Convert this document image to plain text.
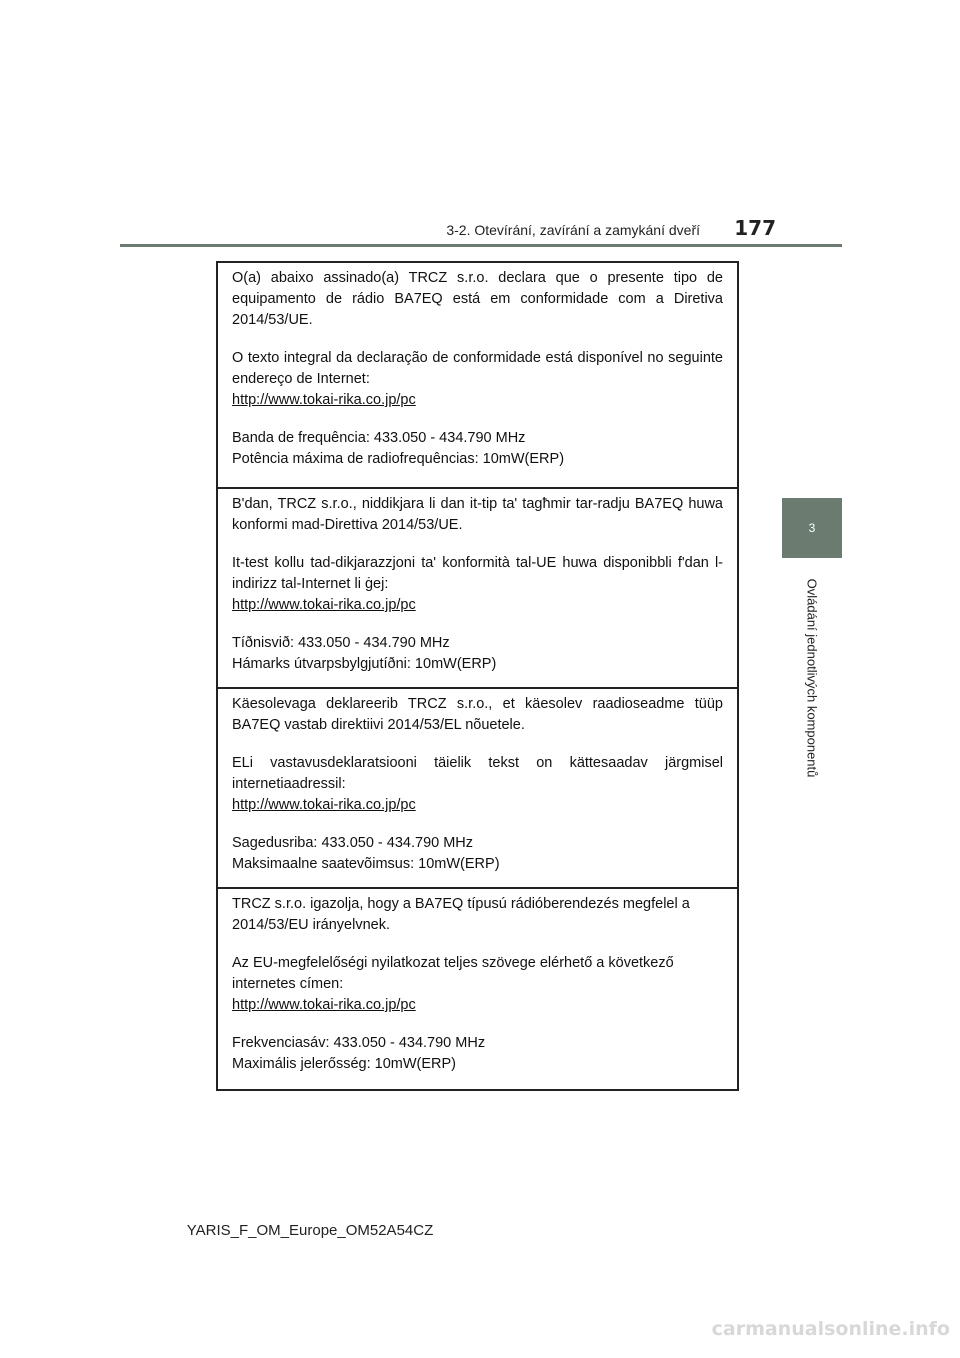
3-2. Otevírání, zavírání a zamykání dveří	177
3
Ovládání jednotlivých komponentů

O(a) abaixo assinado(a) TRCZ s.r.o. declara que o presente tipo de equipamento de rádio BA7EQ está em conformidade com a Diretiva 2014/53/UE.

O texto integral da declaração de conformidade está disponível no seguinte endereço de Internet:
http://www.tokai-rika.co.jp/pc

Banda de frequência: 433.050 - 434.790 MHz
Potência máxima de radiofrequências: 10mW(ERP)

B'dan, TRCZ s.r.o., niddikjara li dan it-tip ta' tagħmir tar-radju BA7EQ huwa konformi mad-Direttiva 2014/53/UE.

It-test kollu tad-dikjarazzjoni ta' konformità tal-UE huwa disponibbli f'dan l-indirizz tal-Internet li ġej:
http://www.tokai-rika.co.jp/pc

Tíðnisvið: 433.050 - 434.790 MHz
Hámarks útvarpsbylgjutíðni: 10mW(ERP)

Käesolevaga deklareerib TRCZ s.r.o., et käesolev raadioseadme tüüp BA7EQ vastab direktiivi 2014/53/EL nõuetele.

ELi vastavusdeklaratsiooni täielik tekst on kättesaadav järgmisel internetiaadressil:
http://www.tokai-rika.co.jp/pc

Sagedusriba: 433.050 - 434.790 MHz
Maksimaalne saatevõimsus: 10mW(ERP)

TRCZ s.r.o. igazolja, hogy a BA7EQ típusú rádióberendezés megfelel a 2014/53/EU irányelvnek.

Az EU-megfelelőségi nyilatkozat teljes szövege elérhető a következő internetes címen:
http://www.tokai-rika.co.jp/pc

Frekvenciasáv: 433.050 - 434.790 MHz
Maximális jelerősség: 10mW(ERP)

YARIS_F_OM_Europe_OM52A54CZ
carmanualsonline.info
